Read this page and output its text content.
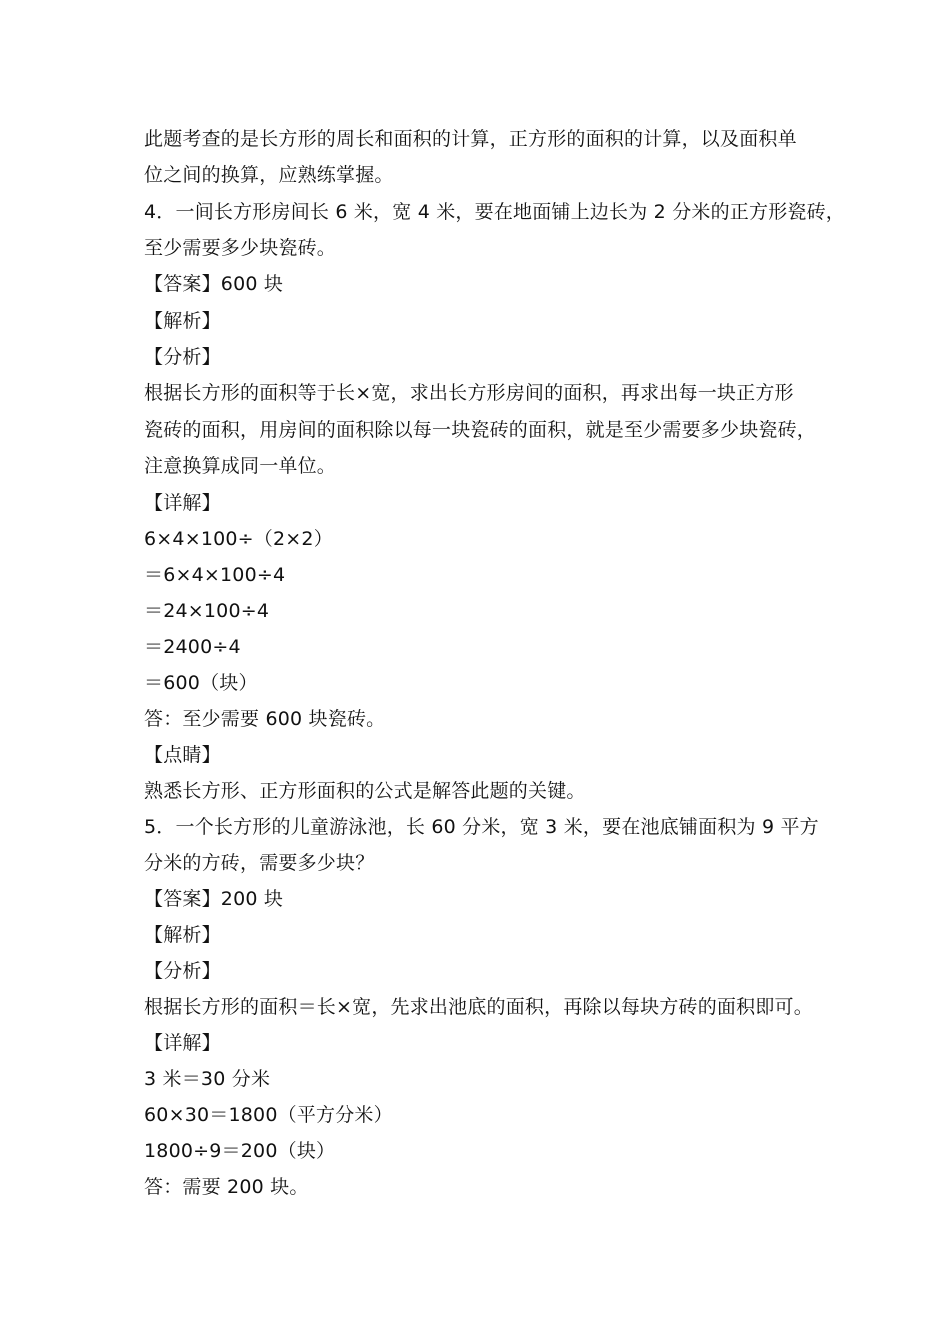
此题考查的是长方形的周长和面积的计算，正方形的面积的计算，以及面积单
位之间的换算，应熟练掌握。
4．一间长方形房间长 6 米，宽 4 米，要在地面铺上边长为 2 分米的正方形瓷砖，
至少需要多少块瓷砖。
【答案】600 块
【解析】
【分析】
根据长方形的面积等于长×宽，求出长方形房间的面积，再求出每一块正方形
瓷砖的面积，用房间的面积除以每一块瓷砖的面积，就是至少需要多少块瓷砖，
注意换算成同一单位。
【详解】
6×4×100÷（2×2）
＝6×4×100÷4
＝24×100÷4
＝2400÷4
＝600（块）
答：至少需要 600 块瓷砖。
【点睛】
熟悉长方形、正方形面积的公式是解答此题的关键。
5．一个长方形的儿童游泳池，长 60 分米，宽 3 米，要在池底铺面积为 9 平方
分米的方砖，需要多少块？
【答案】200 块
【解析】
【分析】
根据长方形的面积＝长×宽，先求出池底的面积，再除以每块方砖的面积即可。
【详解】
3 米＝30 分米
60×30＝1800（平方分米）
1800÷9＝200（块）
答：需要 200 块。
